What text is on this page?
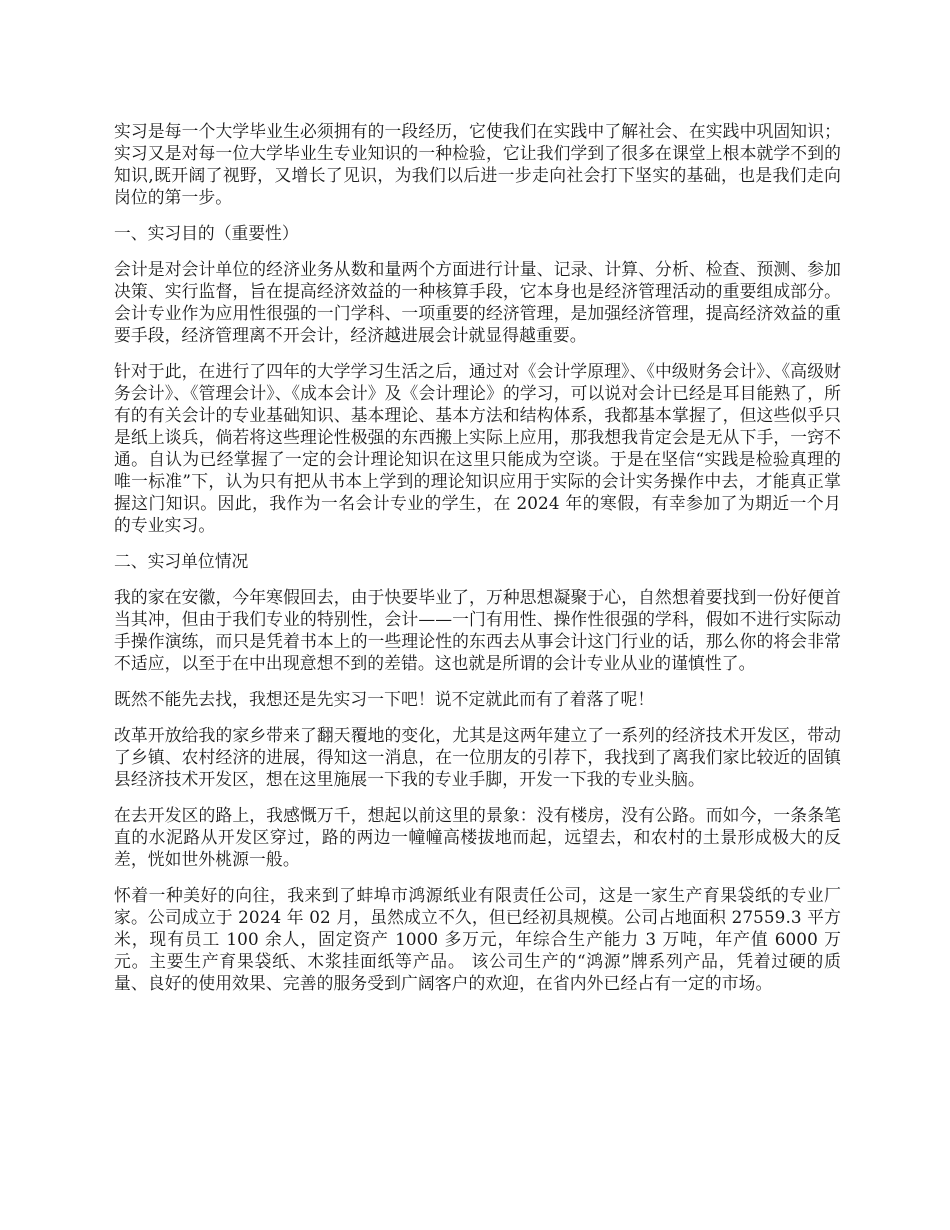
实习是每一个大学毕业生必须拥有的一段经历，它使我们在实践中了解社会、在实践中巩固知识；实习又是对每一位大学毕业生专业知识的一种检验，它让我们学到了很多在课堂上根本就学不到的知识,既开阔了视野，又增长了见识，为我们以后进一步走向社会打下坚实的基础，也是我们走向岗位的第一步。

一、实习目的（重要性）

会计是对会计单位的经济业务从数和量两个方面进行计量、记录、计算、分析、检查、预测、参加决策、实行监督，旨在提高经济效益的一种核算手段，它本身也是经济管理活动的重要组成部分。会计专业作为应用性很强的一门学科、一项重要的经济管理，是加强经济管理，提高经济效益的重要手段，经济管理离不开会计，经济越进展会计就显得越重要。

针对于此，在进行了四年的大学学习生活之后，通过对《会计学原理》、《中级财务会计》、《高级财务会计》、《管理会计》、《成本会计》及《会计理论》的学习，可以说对会计已经是耳目能熟了，所有的有关会计的专业基础知识、基本理论、基本方法和结构体系，我都基本掌握了，但这些似乎只是纸上谈兵，倘若将这些理论性极强的东西搬上实际上应用，那我想我肯定会是无从下手，一窍不通。自认为已经掌握了一定的会计理论知识在这里只能成为空谈。于是在坚信“实践是检验真理的唯一标准”下，认为只有把从书本上学到的理论知识应用于实际的会计实务操作中去，才能真正掌握这门知识。因此，我作为一名会计专业的学生，在 2024 年的寒假，有幸参加了为期近一个月的专业实习。

二、实习单位情况

我的家在安徽，今年寒假回去，由于快要毕业了，万种思想凝聚于心，自然想着要找到一份好便首当其冲，但由于我们专业的特别性，会计——一门有用性、操作性很强的学科，假如不进行实际动手操作演练，而只是凭着书本上的一些理论性的东西去从事会计这门行业的话，那么你的将会非常不适应，以至于在中出现意想不到的差错。这也就是所谓的会计专业从业的谨慎性了。

既然不能先去找，我想还是先实习一下吧！说不定就此而有了着落了呢！

改革开放给我的家乡带来了翻天覆地的变化，尤其是这两年建立了一系列的经济技术开发区，带动了乡镇、农村经济的进展，得知这一消息，在一位朋友的引荐下，我找到了离我们家比较近的固镇县经济技术开发区，想在这里施展一下我的专业手脚，开发一下我的专业头脑。

在去开发区的路上，我感慨万千，想起以前这里的景象：没有楼房，没有公路。而如今，一条条笔直的水泥路从开发区穿过，路的两边一幢幢高楼拔地而起，远望去，和农村的土景形成极大的反差，恍如世外桃源一般。

怀着一种美好的向往，我来到了蚌埠市鸿源纸业有限责任公司，这是一家生产育果袋纸的专业厂家。公司成立于 2024 年 02 月，虽然成立不久，但已经初具规模。公司占地面积 27559.3 平方米，现有员工 100 余人，固定资产 1000 多万元，年综合生产能力 3 万吨，年产值 6000 万元。主要生产育果袋纸、木浆挂面纸等产品。 该公司生产的“鸿源”牌系列产品，凭着过硬的质量、良好的使用效果、完善的服务受到广阔客户的欢迎，在省内外已经占有一定的市场。
